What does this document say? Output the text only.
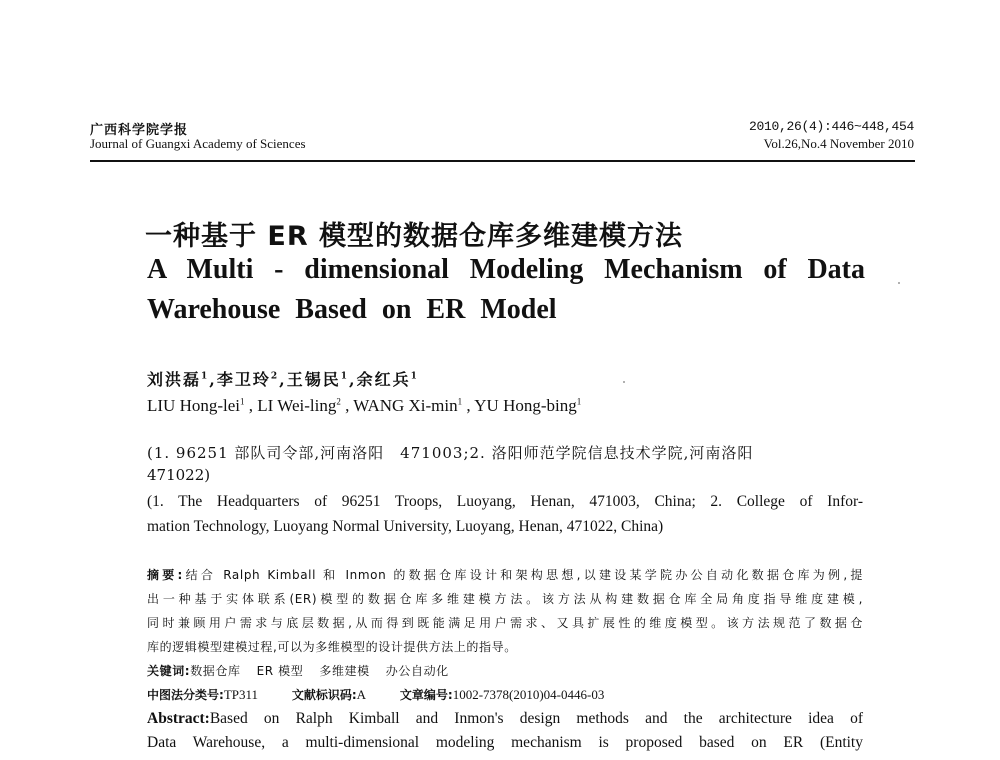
广西科学院学报
Journal of Guangxi Academy of Sciences
2010,26(4):446~448,454
Vol.26,No.4 November 2010
一种基于 ER 模型的数据仓库多维建模方法
A Multi - dimensional Modeling Mechanism of Data
Warehouse Based on ER Model
刘洪磊$^1$,李卫玲$^2$,王锡民$^1$,余红兵$^1$
LIU Hong-lei$^1$ , LI Wei-ling$^2$ , WANG $Xi-\min^1$ , YU Hong-bing$^1$
(1. 96251 部队司令部,河南洛阳　471003;2. 洛阳师范学院信息技术学院,河南洛阳
471022)
(1. The Headquarters of 96251 Troops, Luoyang, Henan, 471003, China; 2. College of Infor-
mation Technology, Luoyang Normal University, Luoyang, Henan, 471022, China)
摘要:结合 Ralph Kimball 和 Inmon 的数据仓库设计和架构思想,以建设某学院办公自动化数据仓库为例,提
出一种基于实体联系(ER)模型的数据仓库多维建模方法。该方法从构建数据仓库全局角度指导维度建模,
同时兼顾用户需求与底层数据,从而得到既能满足用户需求、又具扩展性的维度模型。该方法规范了数据仓
库的逻辑模型建模过程,可以为多维模型的设计提供方法上的指导。
关键词:数据仓库 ER 模型 多维建模 办公自动化
中图法分类号:TP311	文献标识码:A	文章编号:1002-7378(2010)04-0446-03
Abstract:Based on Ralph Kimball and Inmon's design methods and the architecture idea of
Data Warehouse, a multi-dimensional modeling mechanism is proposed based on ER (Entity
